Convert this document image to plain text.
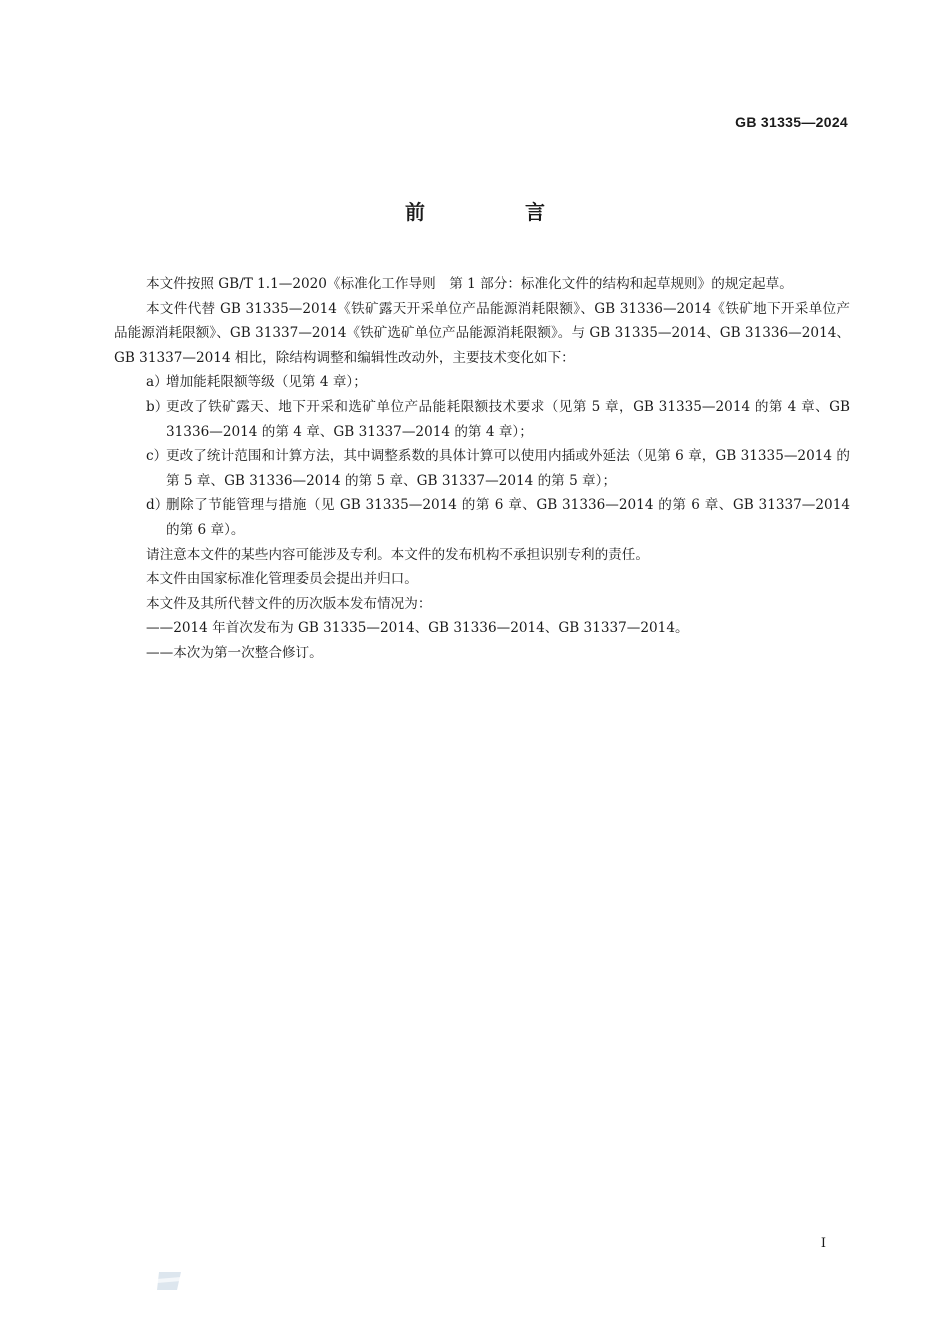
GB 31335—2024
前　言

本文件按照 GB/T 1.1—2020《标准化工作导则　第 1 部分：标准化文件的结构和起草规则》的规定起草。

本文件代替 GB 31335—2014《铁矿露天开采单位产品能源消耗限额》、GB 31336—2014《铁矿地下开采单位产品能源消耗限额》、GB 31337—2014《铁矿选矿单位产品能源消耗限额》。与 GB 31335—2014、GB 31336—2014、GB 31337—2014 相比，除结构调整和编辑性改动外，主要技术变化如下：

a）

增加能耗限额等级（见第 4 章）；

b）

更改了铁矿露天、地下开采和选矿单位产品能耗限额技术要求（见第 5 章，GB 31335—2014 的第 4 章、GB 31336—2014 的第 4 章、GB 31337—2014 的第 4 章）；

c）

更改了统计范围和计算方法，其中调整系数的具体计算可以使用内插或外延法（见第 6 章，GB 31335—2014 的第 5 章、GB 31336—2014 的第 5 章、GB 31337—2014 的第 5 章）；

d）

删除了节能管理与措施（见 GB 31335—2014 的第 6 章、GB 31336—2014 的第 6 章、GB 31337—2014 的第 6 章）。

请注意本文件的某些内容可能涉及专利。本文件的发布机构不承担识别专利的责任。

本文件由国家标准化管理委员会提出并归口。

本文件及其所代替文件的历次版本发布情况为：

——2014 年首次发布为 GB 31335—2014、GB 31336—2014、GB 31337—2014。

——本次为第一次整合修订。

I
